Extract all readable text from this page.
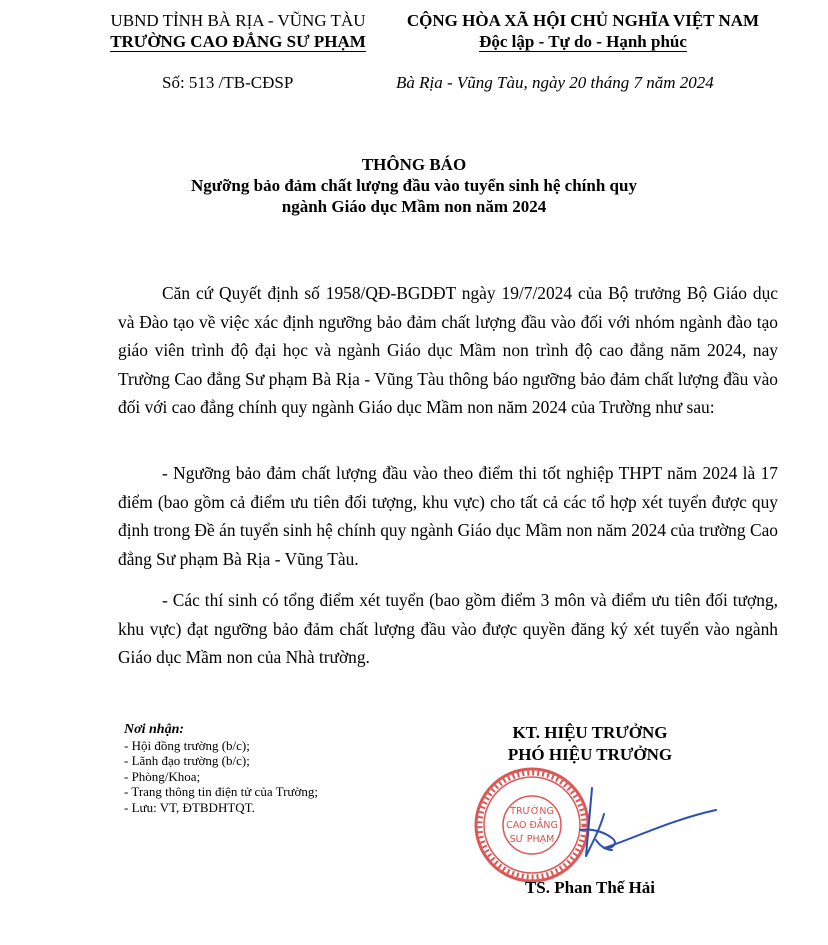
UBND TỈNH BÀ RỊA - VŨNG TÀU
TRƯỜNG CAO ĐẲNG SƯ PHẠM
CỘNG HÒA XÃ HỘI CHỦ NGHĨA VIỆT NAM
Độc lập - Tự do - Hạnh phúc
Số: 513 /TB-CĐSP	Bà Rịa - Vũng Tàu, ngày 20 tháng 7 năm 2024
THÔNG BÁO
Ngưỡng bảo đảm chất lượng đầu vào tuyển sinh hệ chính quy
ngành Giáo dục Mầm non năm 2024
Căn cứ Quyết định số 1958/QĐ-BGDĐT ngày 19/7/2024 của Bộ trưởng Bộ Giáo dục và Đào tạo về việc xác định ngưỡng bảo đảm chất lượng đầu vào đối với nhóm ngành đào tạo giáo viên trình độ đại học và ngành Giáo dục Mầm non trình độ cao đẳng năm 2024, nay Trường Cao đẳng Sư phạm Bà Rịa - Vũng Tàu thông báo ngưỡng bảo đảm chất lượng đầu vào đối với cao đẳng chính quy ngành Giáo dục Mầm non năm 2024 của Trường như sau:
- Ngưỡng bảo đảm chất lượng đầu vào theo điểm thi tốt nghiệp THPT năm 2024 là 17 điểm (bao gồm cả điểm ưu tiên đối tượng, khu vực) cho tất cả các tổ hợp xét tuyển được quy định trong Đề án tuyển sinh hệ chính quy ngành Giáo dục Mầm non năm 2024 của trường Cao đẳng Sư phạm Bà Rịa - Vũng Tàu.
- Các thí sinh có tổng điểm xét tuyển (bao gồm điểm 3 môn và điểm ưu tiên đối tượng, khu vực) đạt ngưỡng bảo đảm chất lượng đầu vào được quyền đăng ký xét tuyển vào ngành Giáo dục Mầm non của Nhà trường.
Nơi nhận:
- Hội đồng trường (b/c);
- Lãnh đạo trường (b/c);
- Phòng/Khoa;
- Trang thông tin điện tử của Trường;
- Lưu: VT, ĐTBDHTQT.
KT. HIỆU TRƯỞNG
PHÓ HIỆU TRƯỞNG
TRƯỜNG
CAO ĐẲNG
SƯ PHẠM
TS. Phan Thế Hải
